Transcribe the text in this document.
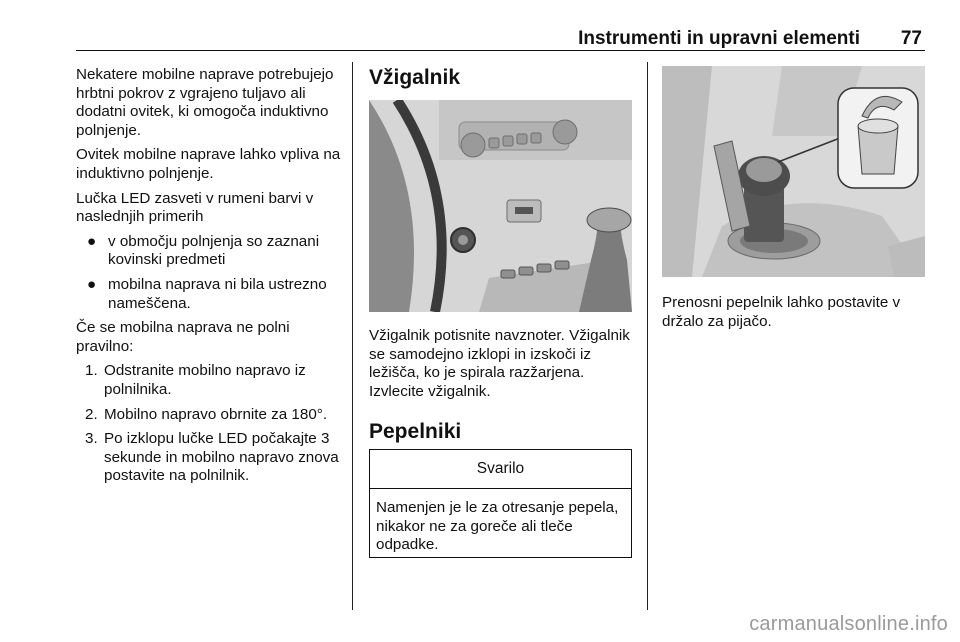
Instrumenti in upravni elementi 77

Nekatere mobilne naprave potrebujejo hrbtni pokrov z vgrajeno tuljavo ali dodatni ovitek, ki omogoča induktivno polnjenje.

Ovitek mobilne naprave lahko vpliva na induktivno polnjenje.

Lučka LED zasveti v rumeni barvi v naslednjih primerih

● v območju polnjenja so zaznani kovinski predmeti
● mobilna naprava ni bila ustrezno nameščena.

Če se mobilna naprava ne polni pravilno:

1. Odstranite mobilno napravo iz polnilnika.
2. Mobilno napravo obrnite za 180°.
3. Po izklopu lučke LED počakajte 3 sekunde in mobilno napravo znova postavite na polnilnik.
Vžigalnik
Vžigalnik potisnite navznoter. Vžigalnik se samodejno izklopi in izskoči iz ležišča, ko je spirala razžarjena. Izvlecite vžigalnik.
Pepelniki
Svarilo
Namenjen je le za otresanje pepela, nikakor ne za goreče ali tleče odpadke.
Prenosni pepelnik lahko postavite v držalo za pijačo.
carmanualsonline.info
